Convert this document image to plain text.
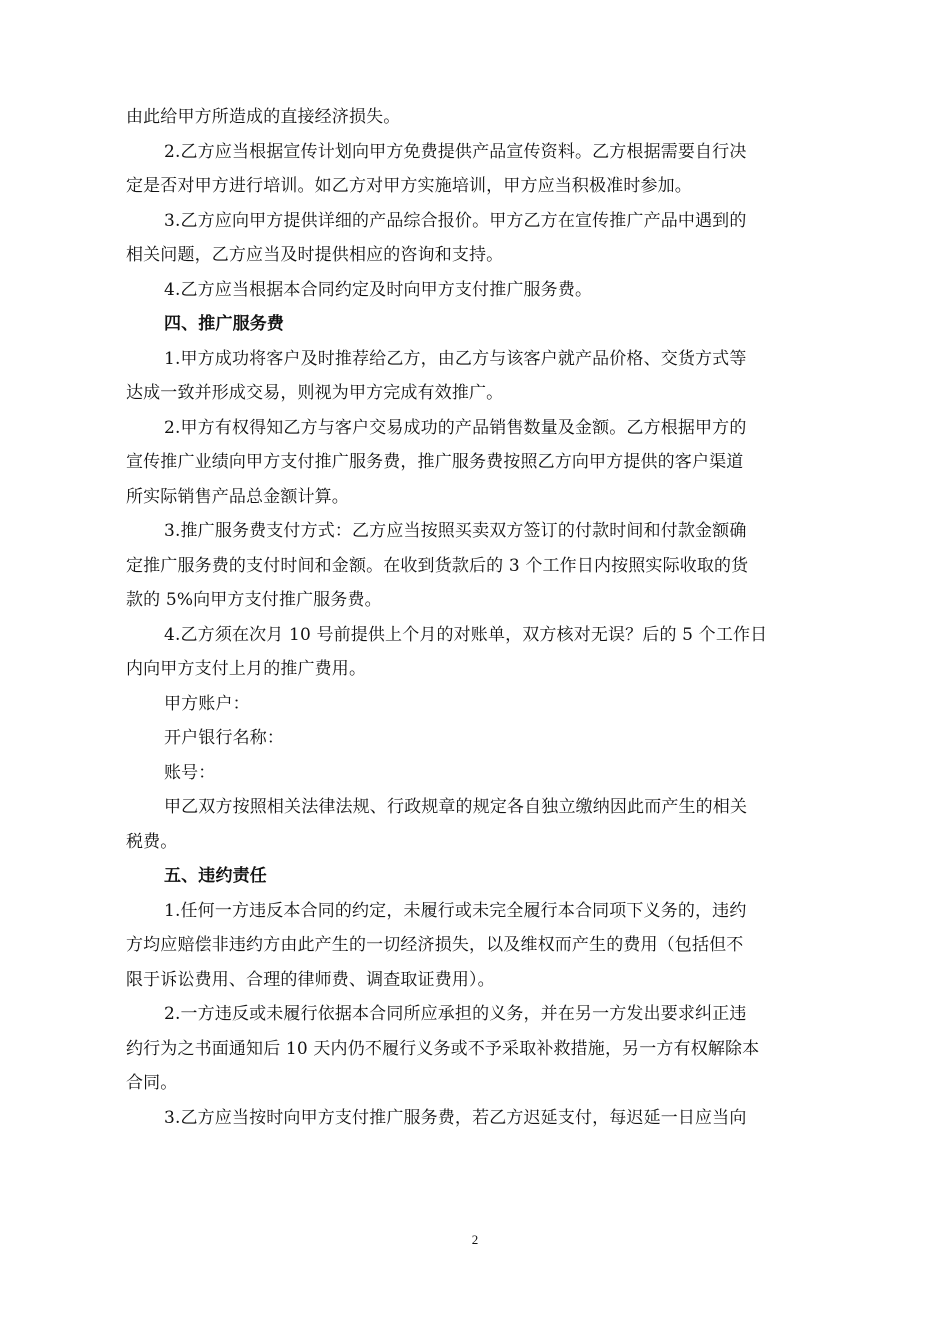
由此给甲方所造成的直接经济损失。
2.乙方应当根据宣传计划向甲方免费提供产品宣传资料。乙方根据需要自行决
定是否对甲方进行培训。如乙方对甲方实施培训，甲方应当积极准时参加。
3.乙方应向甲方提供详细的产品综合报价。甲方乙方在宣传推广产品中遇到的
相关问题，乙方应当及时提供相应的咨询和支持。
4.乙方应当根据本合同约定及时向甲方支付推广服务费。
四、推广服务费
1.甲方成功将客户及时推荐给乙方，由乙方与该客户就产品价格、交货方式等
达成一致并形成交易，则视为甲方完成有效推广。
2.甲方有权得知乙方与客户交易成功的产品销售数量及金额。乙方根据甲方的
宣传推广业绩向甲方支付推广服务费，推广服务费按照乙方向甲方提供的客户渠道
所实际销售产品总金额计算。
3.推广服务费支付方式：乙方应当按照买卖双方签订的付款时间和付款金额确
定推广服务费的支付时间和金额。在收到货款后的 3 个工作日内按照实际收取的货
款的 5%向甲方支付推广服务费。
4.乙方须在次月 10 号前提供上个月的对账单，双方核对无误？后的 5 个工作日
内向甲方支付上月的推广费用。
甲方账户：
开户银行名称：
账号：
甲乙双方按照相关法律法规、行政规章的规定各自独立缴纳因此而产生的相关
税费。
五、违约责任
1.任何一方违反本合同的约定，未履行或未完全履行本合同项下义务的，违约
方均应赔偿非违约方由此产生的一切经济损失，以及维权而产生的费用（包括但不
限于诉讼费用、合理的律师费、调查取证费用）。
2.一方违反或未履行依据本合同所应承担的义务，并在另一方发出要求纠正违
约行为之书面通知后 10 天内仍不履行义务或不予采取补救措施，另一方有权解除本
合同。
3.乙方应当按时向甲方支付推广服务费，若乙方迟延支付，每迟延一日应当向
2
